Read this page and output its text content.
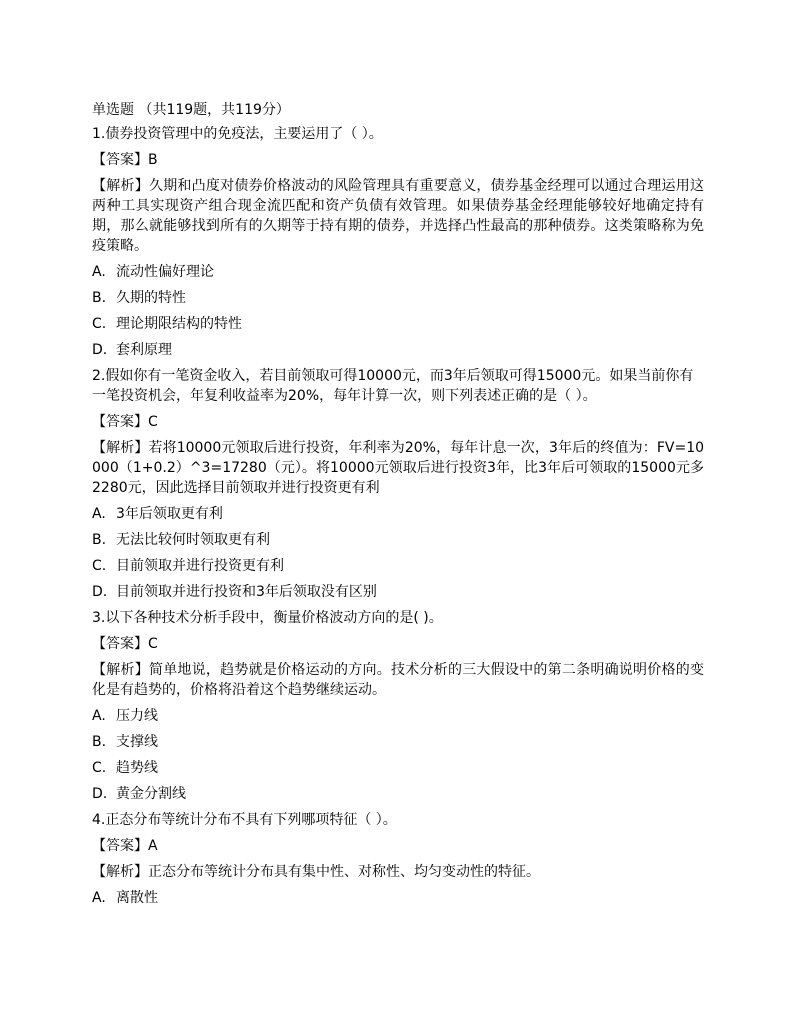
单选题 （共119题，共119分）
1.债券投资管理中的免疫法，主要运用了（ ）。
【答案】B
【解析】久期和凸度对债券价格波动的风险管理具有重要意义，债券基金经理可以通过合理运用这两种工具实现资产组合现金流匹配和资产负债有效管理。如果债券基金经理能够较好地确定持有期，那么就能够找到所有的久期等于持有期的债券，并选择凸性最高的那种债券。这类策略称为免疫策略。
A. 流动性偏好理论
B. 久期的特性
C. 理论期限结构的特性
D. 套利原理
2.假如你有一笔资金收入，若目前领取可得10000元，而3年后领取可得15000元。如果当前你有一笔投资机会，年复利收益率为20%，每年计算一次，则下列表述正确的是（ ）。
【答案】C
【解析】若将10000元领取后进行投资，年利率为20%，每年计息一次，3年后的终值为：FV=10000（1+0.2）^3=17280（元）。将10000元领取后进行投资3年，比3年后可领取的15000元多2280元，因此选择目前领取并进行投资更有利
A. 3年后领取更有利
B. 无法比较何时领取更有利
C. 目前领取并进行投资更有利
D. 目前领取并进行投资和3年后领取没有区别
3.以下各种技术分析手段中，衡量价格波动方向的是( )。
【答案】C
【解析】简单地说，趋势就是价格运动的方向。技术分析的三大假设中的第二条明确说明价格的变化是有趋势的，价格将沿着这个趋势继续运动。
A. 压力线
B. 支撑线
C. 趋势线
D. 黄金分割线
4.正态分布等统计分布不具有下列哪项特征（ ）。
【答案】A
【解析】正态分布等统计分布具有集中性、对称性、均匀变动性的特征。
A. 离散性
